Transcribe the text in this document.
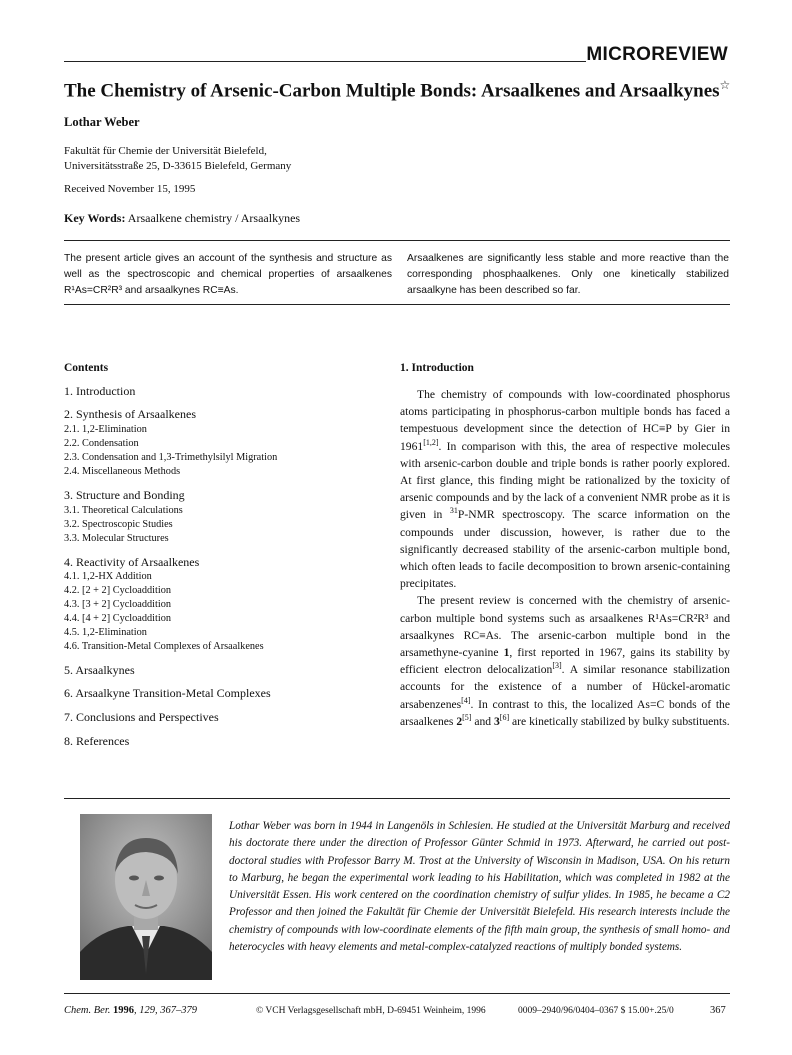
MICROREVIEW
The Chemistry of Arsenic-Carbon Multiple Bonds: Arsaalkenes and Arsaalkynes☆
Lothar Weber
Fakultät für Chemie der Universität Bielefeld,
Universitätsstraße 25, D-33615 Bielefeld, Germany
Received November 15, 1995
Key Words: Arsaalkene chemistry / Arsaalkynes
The present article gives an account of the synthesis and structure as well as the spectroscopic and chemical properties of arsaalkenes R¹As=CR²R³ and arsaalkynes RC≡As.
Arsaalkenes are significantly less stable and more reactive than the corresponding phosphaalkenes. Only one kinetically stabilized arsaalkyne has been described so far.
Contents
1. Introduction
2. Synthesis of Arsaalkenes
2.1. 1,2-Elimination
2.2. Condensation
2.3. Condensation and 1,3-Trimethylsilyl Migration
2.4. Miscellaneous Methods
3. Structure and Bonding
3.1. Theoretical Calculations
3.2. Spectroscopic Studies
3.3. Molecular Structures
4. Reactivity of Arsaalkenes
4.1. 1,2-HX Addition
4.2. [2 + 2] Cycloaddition
4.3. [3 + 2] Cycloaddition
4.4. [4 + 2] Cycloaddition
4.5. 1,2-Elimination
4.6. Transition-Metal Complexes of Arsaalkenes
5. Arsaalkynes
6. Arsaalkyne Transition-Metal Complexes
7. Conclusions and Perspectives
8. References
1. Introduction

The chemistry of compounds with low-coordinated phosphorus atoms participating in phosphorus-carbon multiple bonds has faced a tempestuous development since the detection of HC≡P by Gier in 1961[1,2]. In comparison with this, the area of respective molecules with arsenic-carbon double and triple bonds is rather poorly explored. At first glance, this finding might be rationalized by the toxicity of arsenic compounds and by the lack of a convenient NMR probe as it is given in $^{31}$P-NMR spectroscopy. The scarce information on the compounds under discussion, however, is rather due to the significantly decreased stability of the arsenic-carbon multiple bond, which often leads to facile decomposition to brown arsenic-containing precipitates.

The present review is concerned with the chemistry of arsenic-carbon multiple bond systems such as arsaalkenes R¹As=CR²R³ and arsaalkynes RC≡As. The arsenic-carbon multiple bond in the arsamethyne-cyanine 1, first reported in 1967, gains its stability by efficient electron delocalization[3]. A similar resonance stabilization accounts for the existence of a number of Hückel-aromatic arsabenzenes[4]. In contrast to this, the localized As=C bonds of the arsaalkenes 2[5] and 3[6] are kinetically stabilized by bulky substituents.

Lothar Weber was born in 1944 in Langenöls in Schlesien. He studied at the Universität Marburg and received his doctorate there under the direction of Professor Günter Schmid in 1973. Afterward, he carried out post-doctoral studies with Professor Barry M. Trost at the University of Wisconsin in Madison, USA. On his return to Marburg, he began the experimental work leading to his Habilitation, which was completed in 1982 at the Universität Essen. His work centered on the coordination chemistry of sulfur ylides. In 1985, he became a C2 Professor and then joined the Fakultät für Chemie der Universität Bielefeld. His research interests include the chemistry of compounds with low-coordinate elements of the fifth main group, the synthesis of small homo- and heterocycles with heavy elements and metal-complex-catalyzed reactions of multiply bonded systems.
Chem. Ber. 1996, 129, 367–379	© VCH Verlagsgesellschaft mbH, D-69451 Weinheim, 1996	0009–2940/96/0404–0367 $ 15.00+.25/0	367
